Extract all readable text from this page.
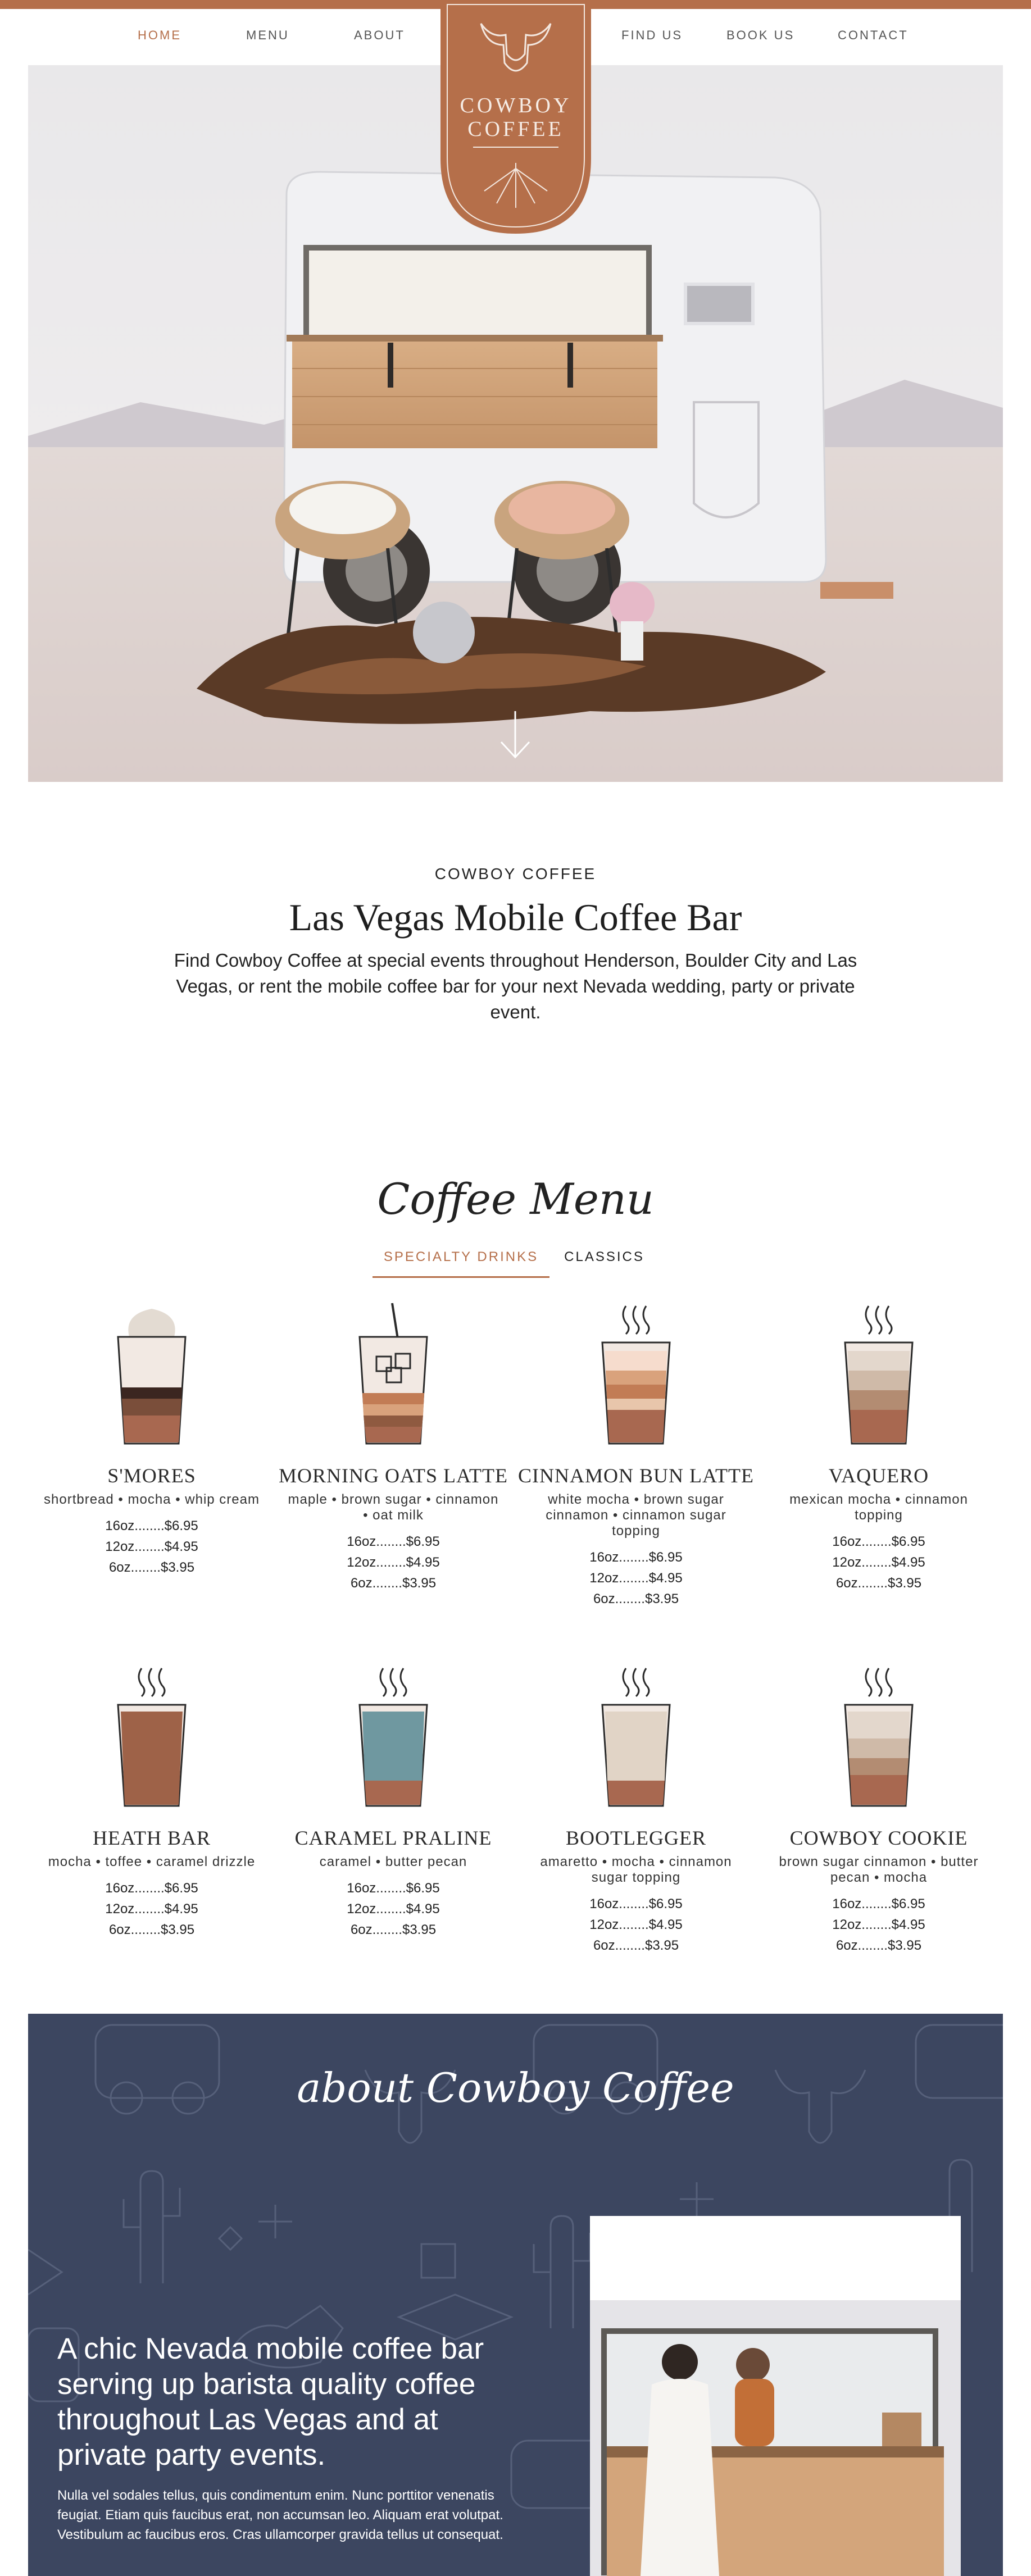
HOME	MENU	ABOUT	FIND US	BOOK US	CONTACT
COWBOY
COFFEE
COWBOY COFFEE
Las Vegas Mobile Coffee Bar

Find Cowboy Coffee at special events throughout Henderson, Boulder City and Las Vegas, or rent the mobile coffee bar for your next Nevada wedding, party or private event.

Coffee Menu
SPECIALTY DRINKS	CLASSICS
S'MORES
shortbread • mocha • whip cream
16oz........$6.95
12oz........$4.95
6oz........$3.95
MORNING OATS LATTE
maple • brown sugar • cinnamon • oat milk
16oz........$6.95
12oz........$4.95
6oz........$3.95
CINNAMON BUN LATTE
white mocha • brown sugar cinnamon • cinnamon sugar topping
16oz........$6.95
12oz........$4.95
6oz........$3.95
VAQUERO
mexican mocha • cinnamon topping
16oz........$6.95
12oz........$4.95
6oz........$3.95
HEATH BAR
mocha • toffee • caramel drizzle
16oz........$6.95
12oz........$4.95
6oz........$3.95
CARAMEL PRALINE
caramel • butter pecan
16oz........$6.95
12oz........$4.95
6oz........$3.95
BOOTLEGGER
amaretto • mocha • cinnamon sugar topping
16oz........$6.95
12oz........$4.95
6oz........$3.95
COWBOY COOKIE
brown sugar cinnamon • butter pecan • mocha
16oz........$6.95
12oz........$4.95
6oz........$3.95
about Cowboy Coffee
A chic Nevada mobile coffee bar serving up barista quality coffee throughout Las Vegas and at private party events.

Nulla vel sodales tellus, quis condimentum enim. Nunc porttitor venenatis feugiat. Etiam quis faucibus erat, non accumsan leo. Aliquam erat volutpat. Vestibulum ac faucibus eros. Cras ullamcorper gravida tellus ut consequat.
